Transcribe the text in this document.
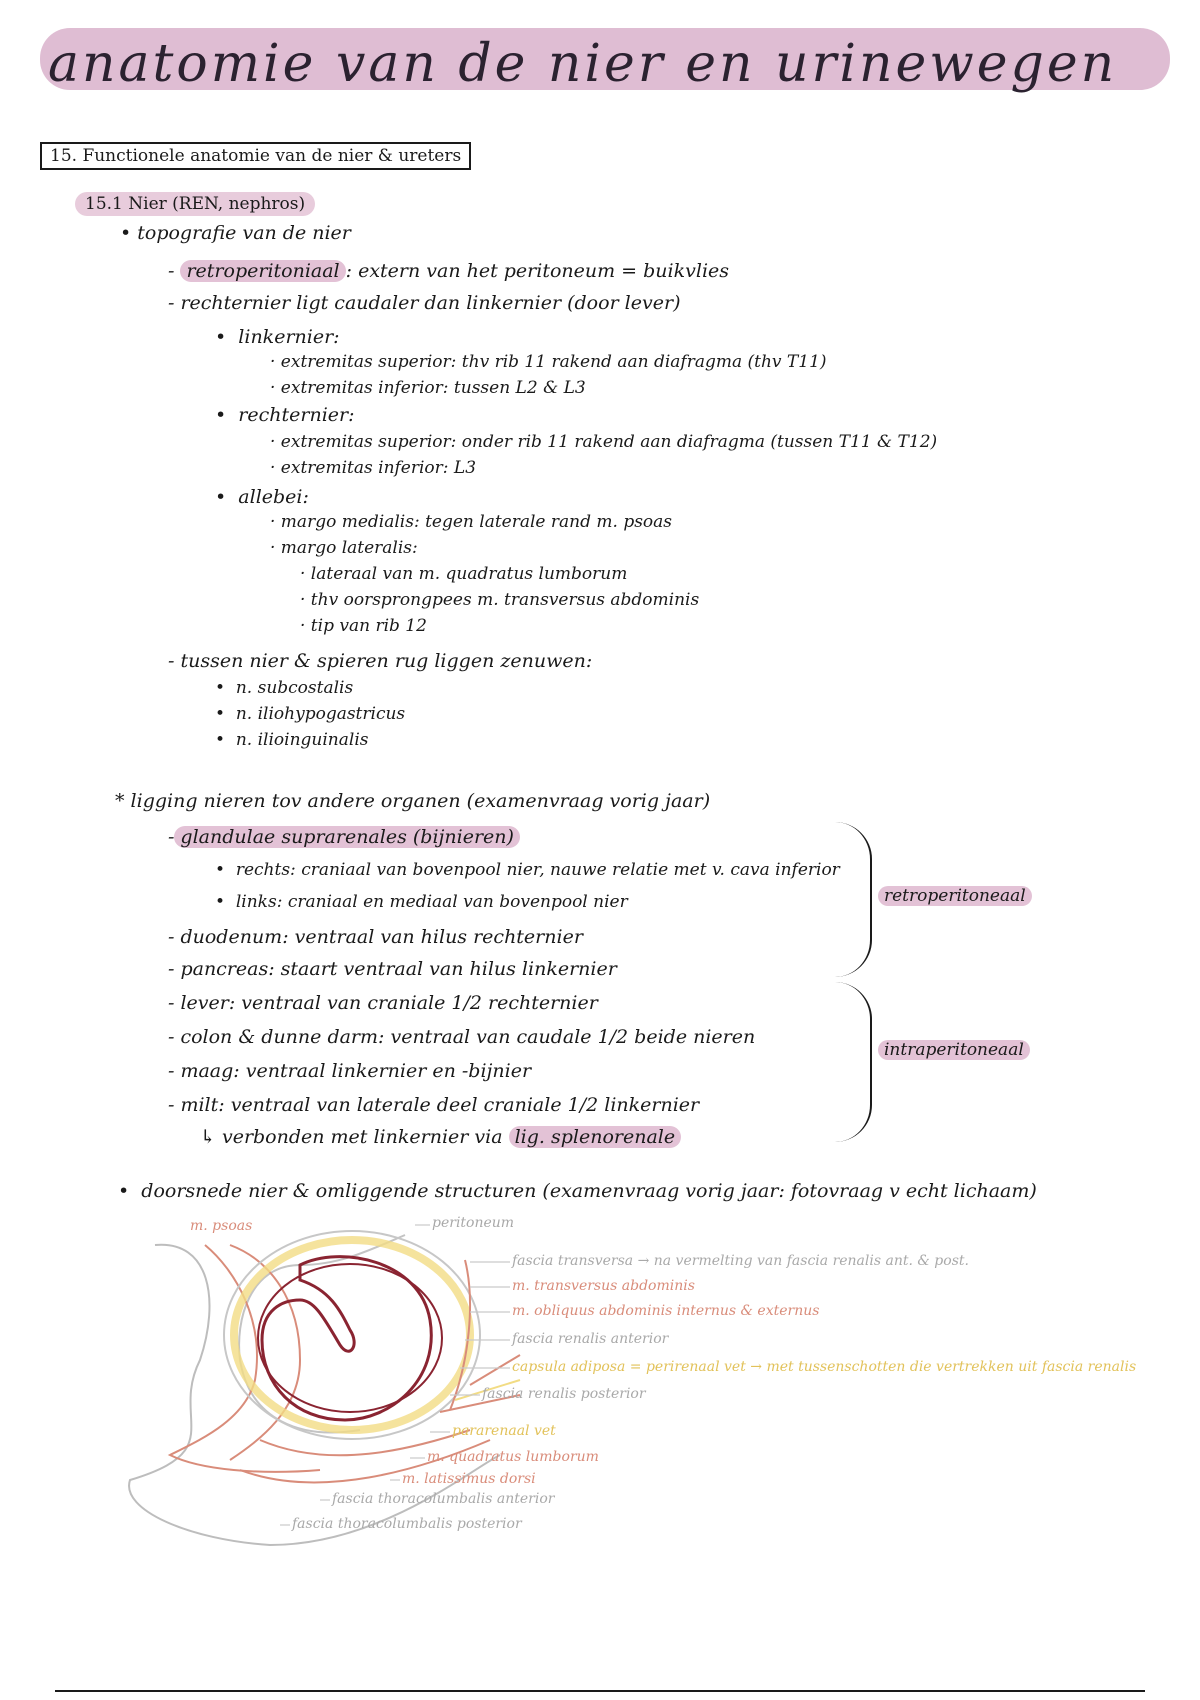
anatomie van de nier en urinewegen
15. Functionele anatomie van de nier & ureters
15.1 Nier (REN, nephros)
• topografie van de nier
- retroperitoniaal : extern van het peritoneum = buikvlies
- rechternier ligt caudaler dan linkernier (door lever)
•  linkernier:
· extremitas superior: thv rib 11 rakend aan diafragma (thv T11)
· extremitas inferior: tussen L2 & L3
•  rechternier:
· extremitas superior: onder rib 11 rakend aan diafragma (tussen T11 & T12)
· extremitas inferior: L3
•  allebei:
· margo medialis: tegen laterale rand m. psoas
· margo lateralis:
· lateraal van m. quadratus lumborum
· thv oorsprongpees m. transversus abdominis
· tip van rib 12
- tussen nier & spieren rug liggen zenuwen:
•  n. subcostalis
•  n. iliohypogastricus
•  n. ilioinguinalis
* ligging nieren tov andere organen (examenvraag vorig jaar)
- glandulae suprarenales (bijnieren)
•  rechts: craniaal van bovenpool nier, nauwe relatie met v. cava inferior
•  links: craniaal en mediaal van bovenpool nier
- duodenum: ventraal van hilus rechternier
- pancreas: staart ventraal van hilus linkernier
- lever: ventraal van craniale 1/2 rechternier
- colon & dunne darm: ventraal van caudale 1/2 beide nieren
- maag: ventraal linkernier en -bijnier
- milt: ventraal van laterale deel craniale 1/2 linkernier
↳ verbonden met linkernier via lig. splenorenale
retroperitoneaal
intraperitoneaal
•  doorsnede nier & omliggende structuren (examenvraag vorig jaar: fotovraag v echt lichaam)
m. psoas	peritoneum
fascia transversa → na vermelting van fascia renalis ant. & post.
m. transversus abdominis
m. obliquus abdominis internus & externus
fascia renalis anterior
capsula adiposa = perirenaal vet → met tussenschotten die vertrekken uit fascia renalis
fascia renalis posterior
pararenaal vet
m. quadratus lumborum
m. latissimus dorsi
fascia thoracolumbalis anterior
fascia thoracolumbalis posterior
